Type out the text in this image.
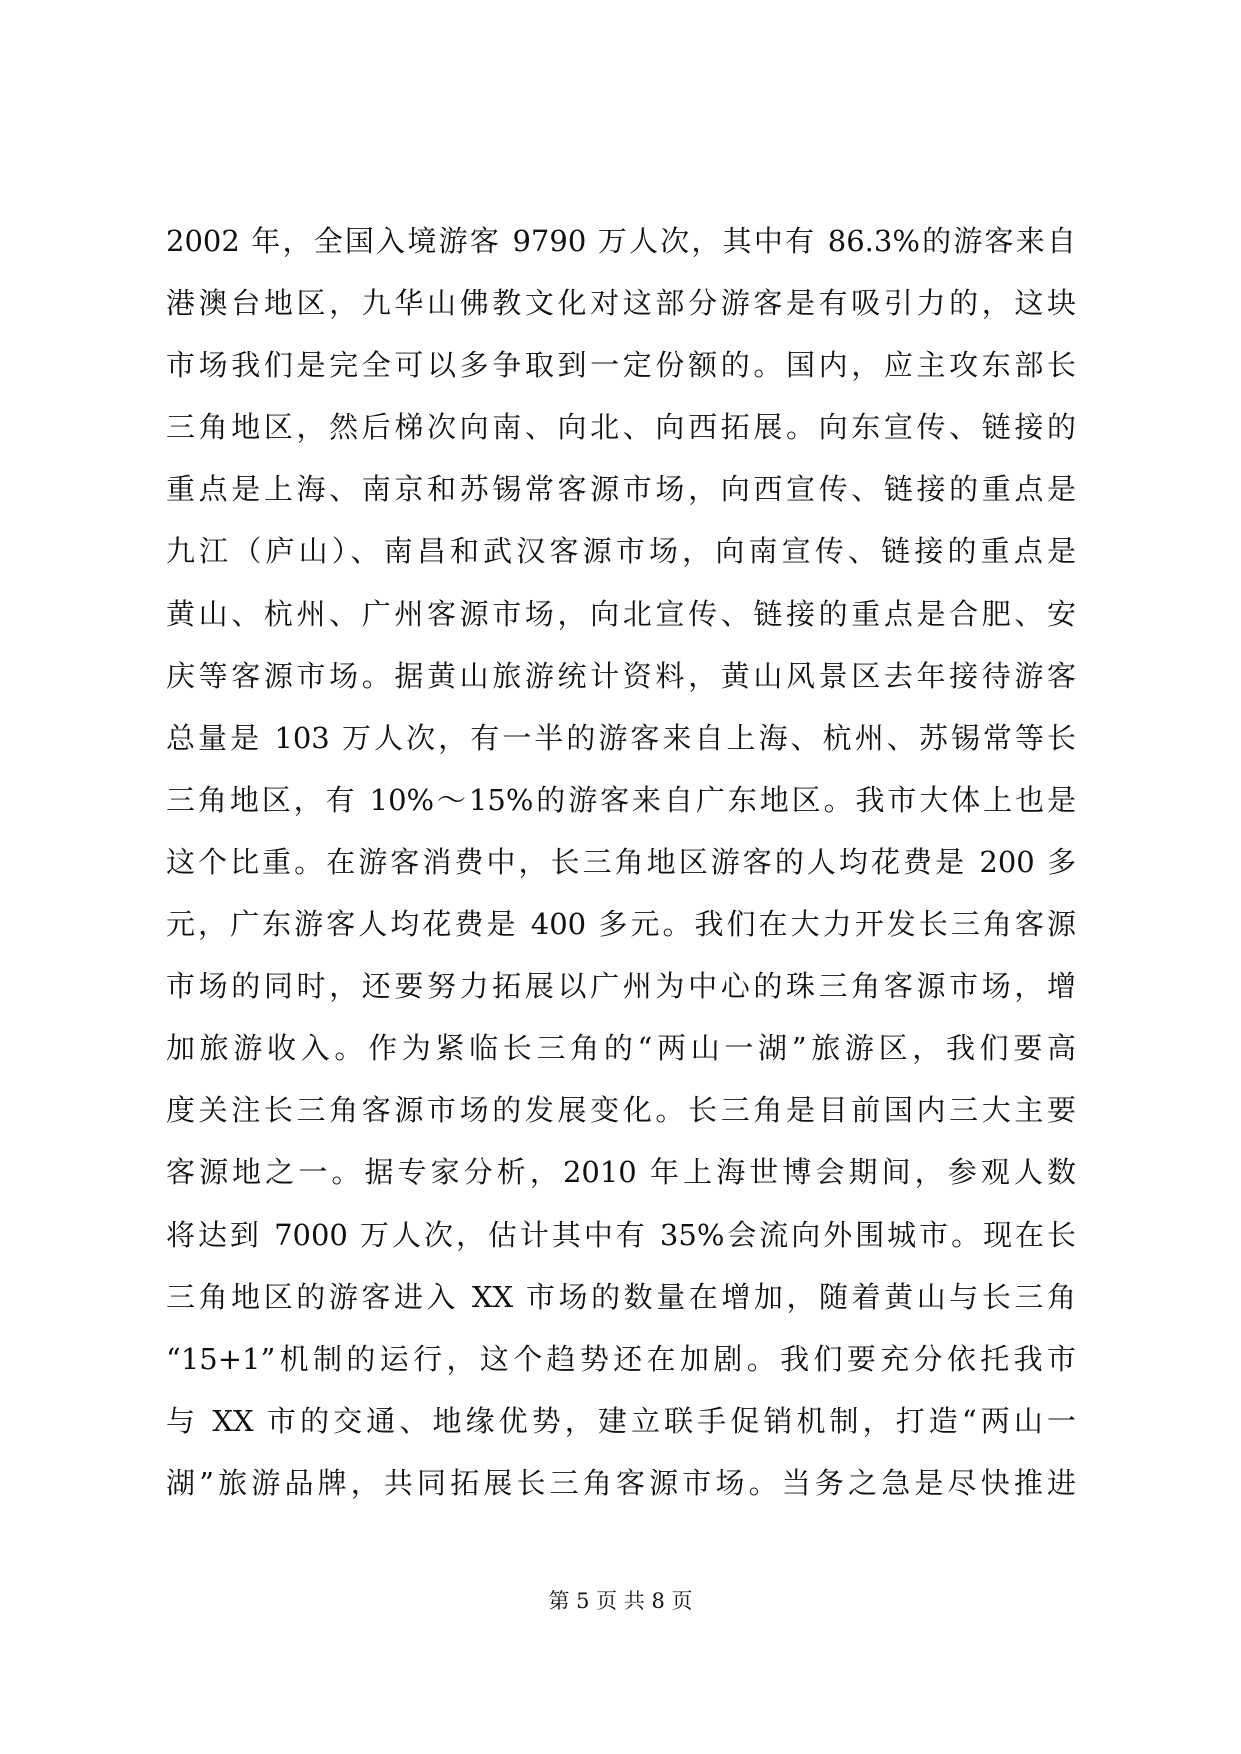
2002 年，全国入境游客 9790 万人次，其中有 86.3%的游客来自
港澳台地区，九华山佛教文化对这部分游客是有吸引力的，这块
市场我们是完全可以多争取到一定份额的。国内，应主攻东部长
三角地区，然后梯次向南、向北、向西拓展。向东宣传、链接的
重点是上海、南京和苏锡常客源市场，向西宣传、链接的重点是
九江（庐山）、南昌和武汉客源市场，向南宣传、链接的重点是
黄山、杭州、广州客源市场，向北宣传、链接的重点是合肥、安
庆等客源市场。据黄山旅游统计资料，黄山风景区去年接待游客
总量是 103 万人次，有一半的游客来自上海、杭州、苏锡常等长
三角地区，有 10%～15%的游客来自广东地区。我市大体上也是
这个比重。在游客消费中，长三角地区游客的人均花费是 200 多
元，广东游客人均花费是 400 多元。我们在大力开发长三角客源
市场的同时，还要努力拓展以广州为中心的珠三角客源市场，增
加旅游收入。作为紧临长三角的“两山一湖”旅游区，我们要高
度关注长三角客源市场的发展变化。长三角是目前国内三大主要
客源地之一。据专家分析，2010 年上海世博会期间，参观人数
将达到 7000 万人次，估计其中有 35%会流向外围城市。现在长
三角地区的游客进入 XX 市场的数量在增加，随着黄山与长三角
“15+1”机制的运行，这个趋势还在加剧。我们要充分依托我市
与 XX 市的交通、地缘优势，建立联手促销机制，打造“两山一
湖”旅游品牌，共同拓展长三角客源市场。当务之急是尽快推进
第 5 页 共 8 页
